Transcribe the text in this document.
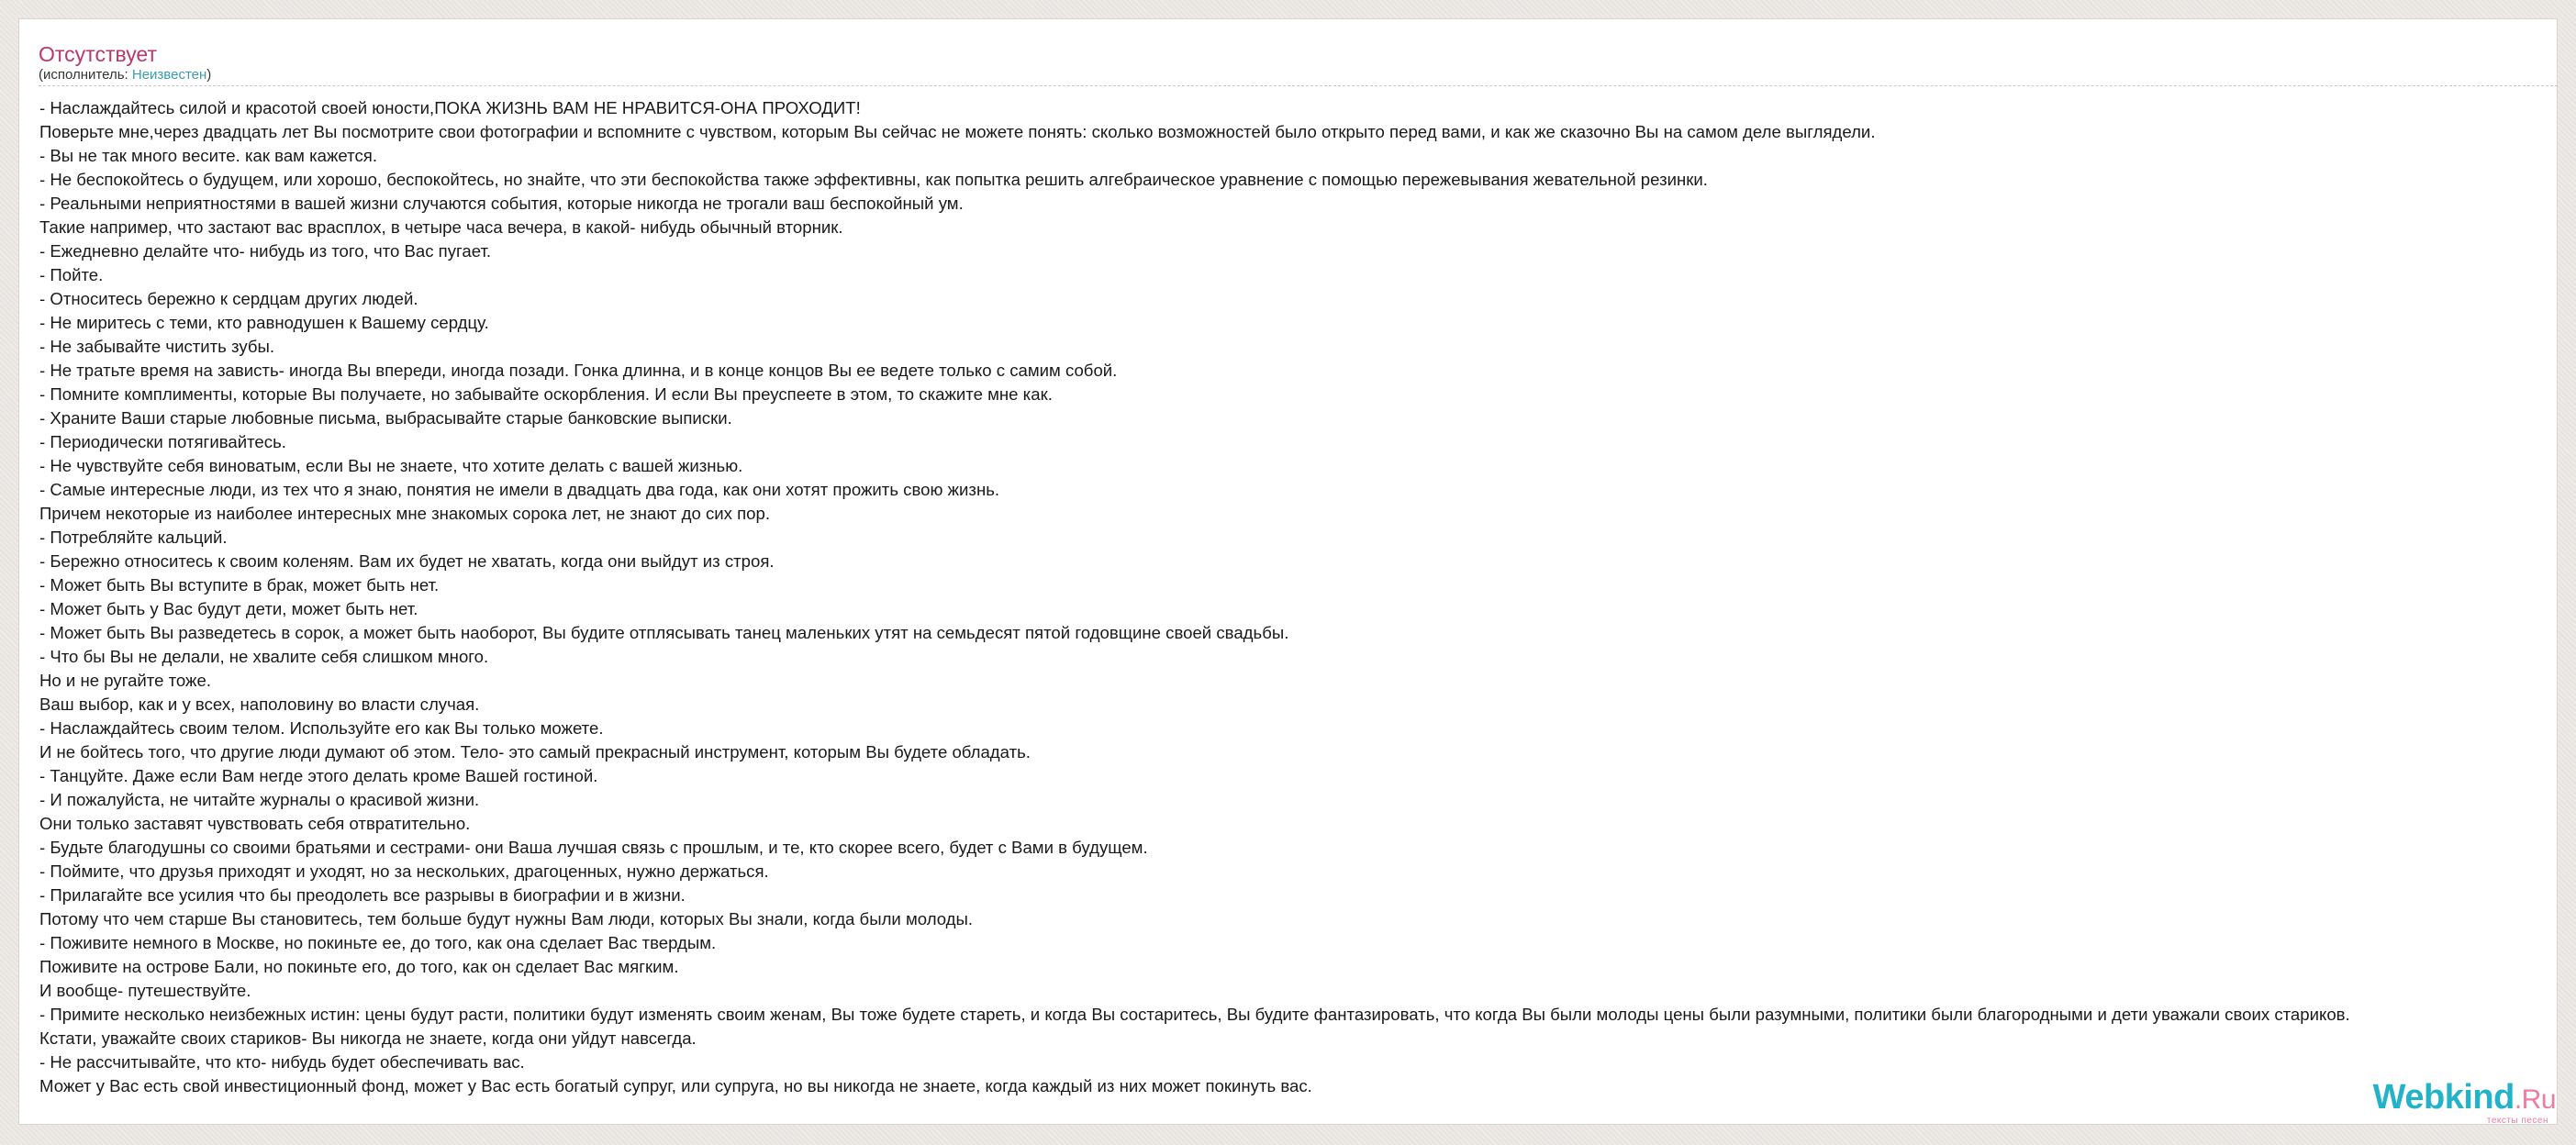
Отсутствует
(исполнитель: Неизвестен)
- Наслаждайтесь силой и красотой своей юности,ПОКА ЖИЗНЬ ВАМ НЕ НРАВИТСЯ-ОНА ПРОХОДИТ!
Поверьте мне,через двадцать лет Вы посмотрите свои фотографии и вспомните с чувством, которым Вы сейчас не можете понять: сколько возможностей было открыто перед вами, и как же сказочно Вы на самом деле выглядели.
- Вы не так много весите. как вам кажется.
- Не беспокойтесь о будущем, или хорошо, беспокойтесь, но знайте, что эти беспокойства также эффективны, как попытка решить алгебраическое уравнение с помощью пережевывания жевательной резинки.
- Реальными неприятностями в вашей жизни случаются события, которые никогда не трогали ваш беспокойный ум.
Такие например, что застают вас врасплох, в четыре часа вечера, в какой- нибудь обычный вторник.
- Ежедневно делайте что- нибудь из того, что Вас пугает.
- Пойте.
- Относитесь бережно к сердцам других людей.
- Не миритесь с теми, кто равнодушен к Вашему сердцу.
- Не забывайте чистить зубы.
- Не тратьте время на зависть- иногда Вы впереди, иногда позади. Гонка длинна, и в конце концов Вы ее ведете только с самим собой.
- Помните комплименты, которые Вы получаете, но забывайте оскорбления. И если Вы преуспеете в этом, то скажите мне как.
- Храните Ваши старые любовные письма, выбрасывайте старые банковские выписки.
- Периодически потягивайтесь.
- Не чувствуйте себя виноватым, если Вы не знаете, что хотите делать с вашей жизнью.
- Самые интересные люди, из тех что я знаю, понятия не имели в двадцать два года, как они хотят прожить свою жизнь.
Причем некоторые из наиболее интересных мне знакомых сорока лет, не знают до сих пор.
- Потребляйте кальций.
- Бережно относитесь к своим коленям. Вам их будет не хватать, когда они выйдут из строя.
- Может быть Вы вступите в брак, может быть нет.
- Может быть у Вас будут дети, может быть нет.
- Может быть Вы разведетесь в сорок, а может быть наоборот, Вы будите отплясывать танец маленьких утят на семьдесят пятой годовщине своей свадьбы.
- Что бы Вы не делали, не хвалите себя слишком много.
Но и не ругайте тоже.
Ваш выбор, как и у всех, наполовину во власти случая.
- Наслаждайтесь своим телом. Используйте его как Вы только можете.
И не бойтесь того, что другие люди думают об этом. Тело- это самый прекрасный инструмент, которым Вы будете обладать.
- Танцуйте. Даже если Вам негде этого делать кроме Вашей гостиной.
- И пожалуйста, не читайте журналы о красивой жизни.
Они только заставят чувствовать себя отвратительно.
- Будьте благодушны со своими братьями и сестрами- они Ваша лучшая связь с прошлым, и те, кто скорее всего, будет с Вами в будущем.
- Поймите, что друзья приходят и уходят, но за нескольких, драгоценных, нужно держаться.
- Прилагайте все усилия что бы преодолеть все разрывы в биографии и в жизни.
Потому что чем старше Вы становитесь, тем больше будут нужны Вам люди, которых Вы знали, когда были молоды.
- Поживите немного в Москве, но покиньте ее, до того, как она сделает Вас твердым.
Поживите на острове Бали, но покиньте его, до того, как он сделает Вас мягким.
И вообще- путешествуйте.
- Примите несколько неизбежных истин: цены будут расти, политики будут изменять своим женам, Вы тоже будете стареть, и когда Вы состаритесь, Вы будите фантазировать, что когда Вы были молоды цены были разумными, политики были благородными и дети уважали своих стариков.
Кстати, уважайте своих стариков- Вы никогда не знаете, когда они уйдут навсегда.
- Не рассчитывайте, что кто- нибудь будет обеспечивать вас.
Может у Вас есть свой инвестиционный фонд, может у Вас есть богатый супруг, или супруга, но вы никогда не знаете, когда каждый из них может покинуть вас.	Webkind.Ru
тексты песен
